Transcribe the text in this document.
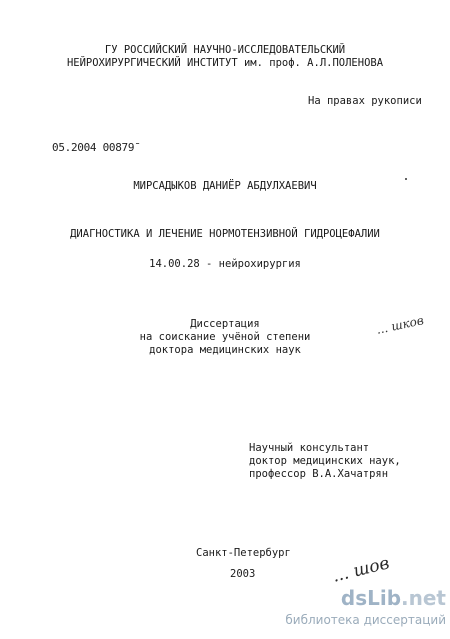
ГУ РОССИЙСКИЙ НАУЧНО-ИССЛЕДОВАТЕЛЬСКИЙ
НЕЙРОХИРУРГИЧЕСКИЙ ИНСТИТУТ им. проф. А.Л.ПОЛЕНОВА
На правах рукописи
05.2004 00879ˉ
МИРСАДЫКОВ ДАНИЁР АБДУЛХАЕВИЧ
ДИАГНОСТИКА И ЛЕЧЕНИЕ НОРМОТЕНЗИВНОЙ ГИДРОЦЕФАЛИИ
14.00.28 - нейрохирургия
Диссертация
на соискание учёной степени
доктора медицинских наук
... шков
Научный консультант
доктор медицинских наук,
профессор В.А.Хачатрян
Санкт-Петербург
2003	... шов
dsLib.net
библиотека диссертаций
